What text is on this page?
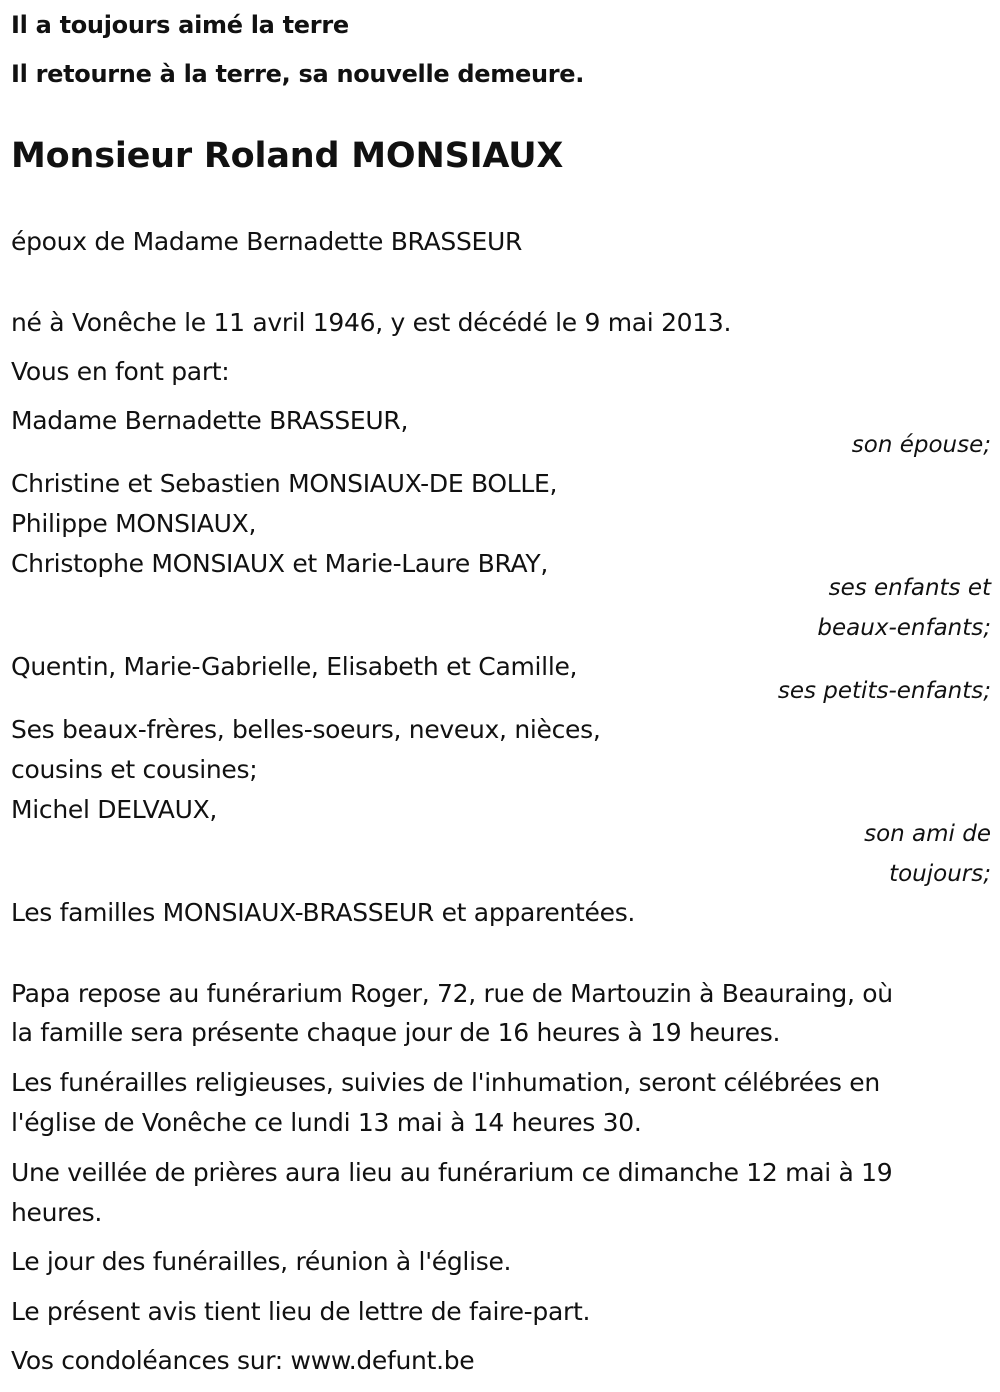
Il a toujours aimé la terre
Il retourne à la terre, sa nouvelle demeure.
Monsieur Roland MONSIAUX
époux de Madame Bernadette BRASSEUR
né à Vonêche le 11 avril 1946, y est décédé le 9 mai 2013.
Vous en font part:
Madame Bernadette BRASSEUR,
son épouse;
Christine et Sebastien MONSIAUX-DE BOLLE,
Philippe MONSIAUX,
Christophe MONSIAUX et Marie-Laure BRAY,
ses enfants et
beaux-enfants;
Quentin, Marie-Gabrielle, Elisabeth et Camille,
ses petits-enfants;
Ses beaux-frères, belles-soeurs, neveux, nièces,
cousins et cousines;
Michel DELVAUX,
son ami de
toujours;
Les familles MONSIAUX-BRASSEUR et apparentées.
Papa repose au funérarium Roger, 72, rue de Martouzin à Beauraing, où
la famille sera présente chaque jour de 16 heures à 19 heures.
Les funérailles religieuses, suivies de l'inhumation, seront célébrées en
l'église de Vonêche ce lundi 13 mai à 14 heures 30.
Une veillée de prières aura lieu au funérarium ce dimanche 12 mai à 19
heures.
Le jour des funérailles, réunion à l'église.
Le présent avis tient lieu de lettre de faire-part.
Vos condoléances sur: www.defunt.be
